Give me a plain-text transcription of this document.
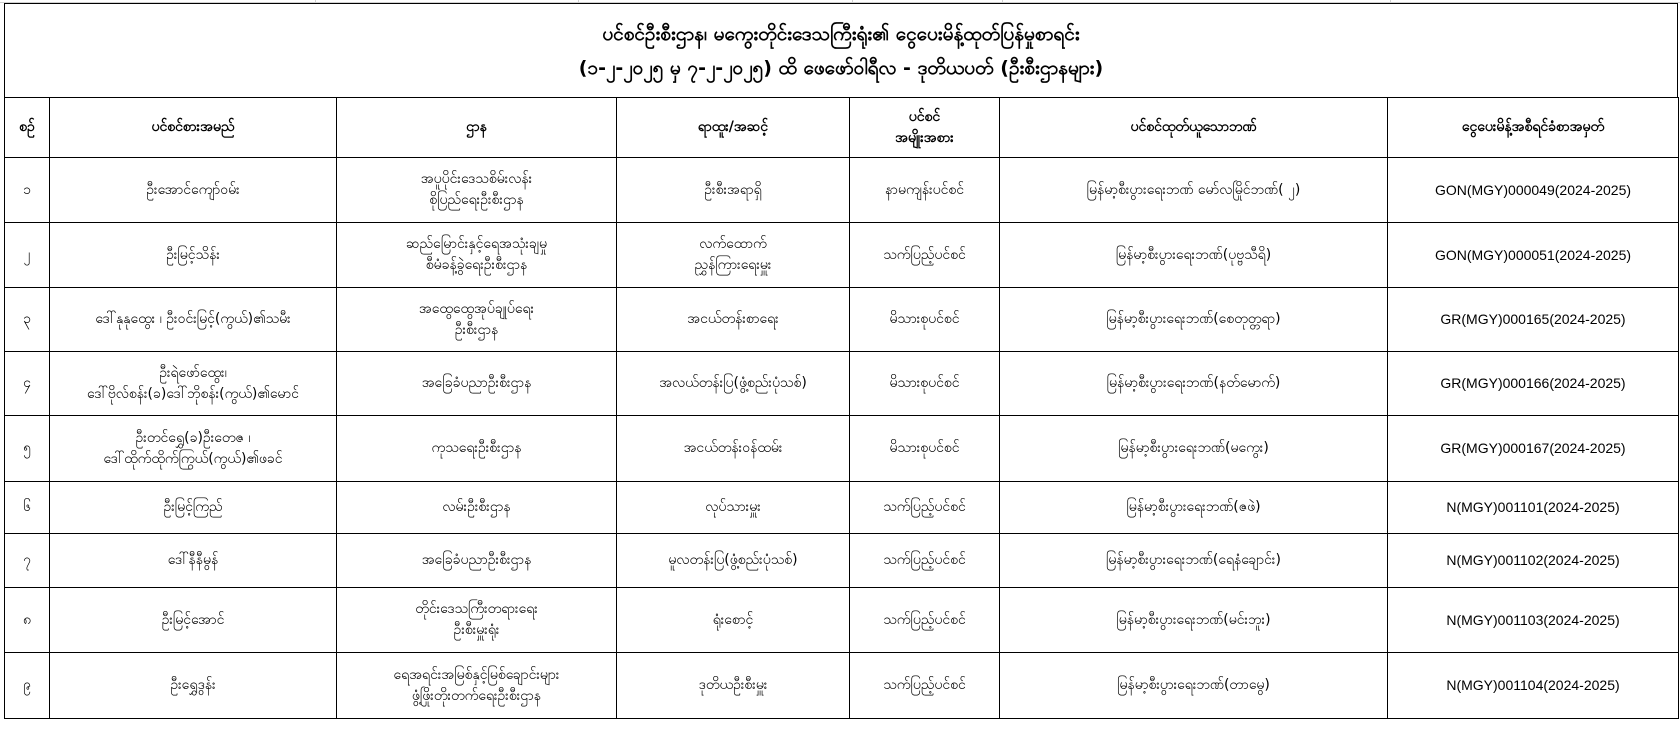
ပင်စင်ဦးစီးဌာန၊ မကွေးတိုင်းဒေသကြီးရုံး၏ ငွေပေးမိန့်ထုတ်ပြန်မှုစာရင်း
(၁-၂-၂၀၂၅ မှ ၇-၂-၂၀၂၅) ထိ ဖေဖော်ဝါရီလ - ဒုတိယပတ် (ဦးစီးဌာနများ)
စဉ်	ပင်စင်စားအမည်	ဌာန	ရာထူး/အဆင့်	ပင်စင်
အမျိုးအစား	ပင်စင်ထုတ်ယူသောဘဏ်	ငွေပေးမိန့်အစီရင်ခံစာအမှတ်

၁	ဦးအောင်ကျော်ဝမ်း	အပူပိုင်းဒေသစိမ်းလန်း
စိုပြည်ရေးဦးစီးဌာန	ဦးစီးအရာရှိ	နာမကျန်းပင်စင်	မြန်မာ့စီးပွားရေးဘဏ် မော်လမြိုင်ဘဏ်( ၂)	GON(MGY)000049(2024-2025)

၂	ဦးမြင့်သိန်း	ဆည်မြောင်းနှင့်ရေအသုံးချမှု
စီမံခန့်ခွဲရေးဦးစီးဌာန	လက်ထောက်
ညွှန်ကြားရေးမှူး	သက်ပြည့်ပင်စင်	မြန်မာ့စီးပွားရေးဘဏ်(ပုဗ္ဗသီရိ)	GON(MGY)000051(2024-2025)

၃	ဒေါ်နုနုထွေး ၊ ဦးဝင်းမြင့်(ကွယ်)၏သမီး	အထွေထွေအုပ်ချုပ်ရေး
ဦးစီးဌာန	အငယ်တန်းစာရေး	မိသားစုပင်စင်	မြန်မာ့စီးပွားရေးဘဏ်(စေတုတ္တရာ)	GR(MGY)000165(2024-2025)

၄	ဦးရဲဖော်ထွေး၊
ဒေါ်ဗိုလ်စန်း(ခ)ဒေါ်ဘိုစန်း(ကွယ်)၏မောင်	အခြေခံပညာဦးစီးဌာန	အလယ်တန်းပြ(ဖွံ့စည်းပုံသစ်)	မိသားစုပင်စင်	မြန်မာ့စီးပွားရေးဘဏ်(နတ်မောက်)	GR(MGY)000166(2024-2025)

၅	ဦးတင်ရွှေ(ခ)ဦးတေဇ ၊
ဒေါ်ထိုက်ထိုက်ကြွယ်(ကွယ်)၏ဖခင်	ကုသရေးဦးစီးဌာန	အငယ်တန်းဝန်ထမ်း	မိသားစုပင်စင်	မြန်မာ့စီးပွားရေးဘဏ်(မကွေး)	GR(MGY)000167(2024-2025)

၆	ဦးမြင့်ကြည်	လမ်းဦးစီးဌာန	လုပ်သားမှူး	သက်ပြည့်ပင်စင်	မြန်မာ့စီးပွားရေးဘဏ်(ဇဖဲ)	N(MGY)001101(2024-2025)

၇	ဒေါ်နီနီမွန်	အခြေခံပညာဦးစီးဌာန	မူလတန်းပြ(ဖွံ့စည်းပုံသစ်)	သက်ပြည့်ပင်စင်	မြန်မာ့စီးပွားရေးဘဏ်(ရေနံချောင်း)	N(MGY)001102(2024-2025)

၈	ဦးမြင့်အောင်	တိုင်းဒေသကြီးတရားရေး
ဦးစီးမှူးရုံး	ရုံးစောင့်	သက်ပြည့်ပင်စင်	မြန်မာ့စီးပွားရေးဘဏ်(မင်းဘူး)	N(MGY)001103(2024-2025)

၉	ဦးရွှေဒွန်း	ရေအရင်းအမြစ်နှင့်မြစ်ချောင်းများ
ဖွံ့ဖြိုးတိုးတက်ရေးဦးစီးဌာန	ဒုတိယဦးစီးမှူး	သက်ပြည့်ပင်စင်	မြန်မာ့စီးပွားရေးဘဏ်(တာမွေ)	N(MGY)001104(2024-2025)
